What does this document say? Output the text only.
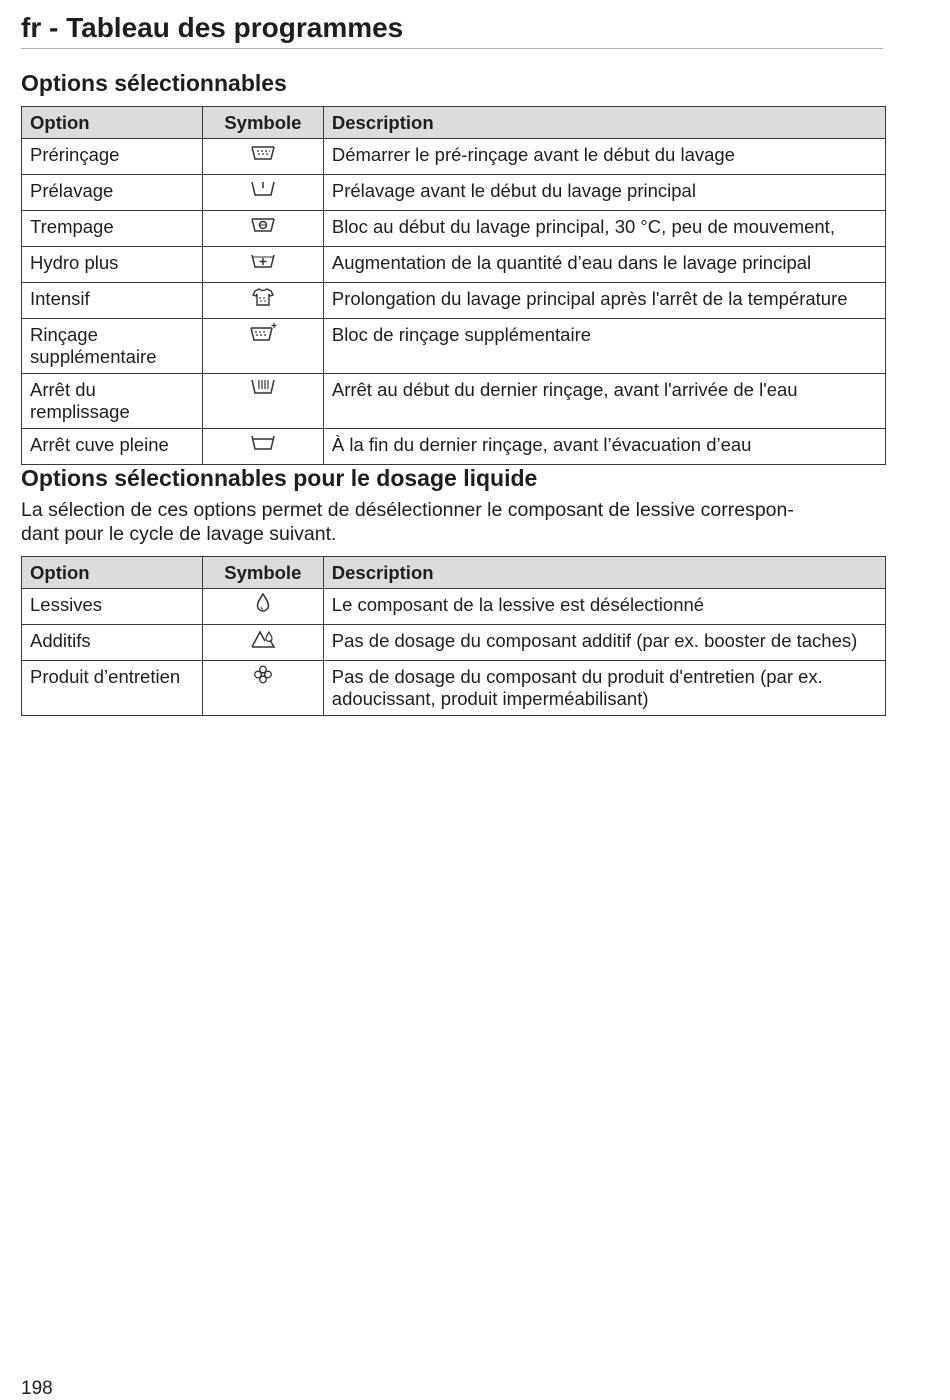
fr - Tableau des programmes
Options sélectionnables
Option	Symbole	Description
Prérinçage		Démarrer le pré-rinçage avant le début du lavage
Prélavage		Prélavage avant le début du lavage principal
Trempage		Bloc au début du lavage principal, 30 °C, peu de mouvement,
Hydro plus		Augmentation de la quantité d’eau dans le lavage principal
Intensif		Prolongation du lavage principal après l'arrêt de la température
Rinçage supplémentaire		Bloc de rinçage supplémentaire
Arrêt du remplissage		Arrêt au début du dernier rinçage, avant l'arrivée de l'eau
Arrêt cuve pleine		À la fin du dernier rinçage, avant l’évacuation d’eau
Options sélectionnables pour le dosage liquide
La sélection de ces options permet de désélectionner le composant de lessive correspon-
dant pour le cycle de lavage suivant.
Option	Symbole	Description
Lessives		Le composant de la lessive est désélectionné
Additifs		Pas de dosage du composant additif (par ex. booster de taches)
Produit d’entretien		Pas de dosage du composant du produit d'entretien (par ex. adoucissant, produit imperméabilisant)
198
